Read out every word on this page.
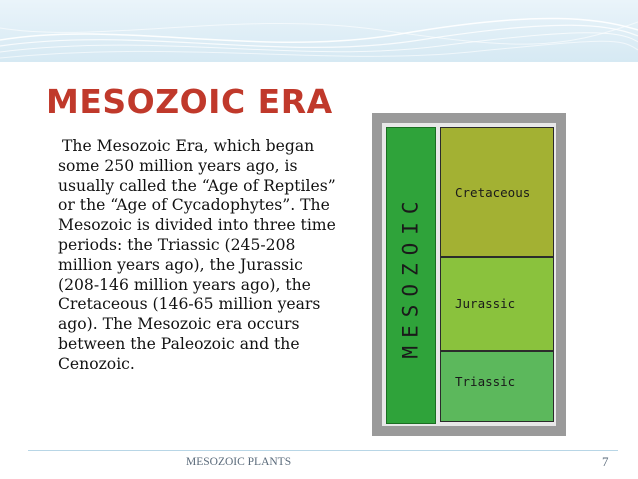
MESOZOIC ERA
The Mesozoic Era, which began some 250 million years ago, is usually called the “Age of Reptiles” or the “Age of Cycadophytes”. The Mesozoic is divided into three time periods: the Triassic (245-208 million years ago), the Jurassic (208-146 million years ago), the Cretaceous (146-65 million years ago). The Mesozoic era occurs between the Paleozoic and the Cenozoic.
MESOZOIC
Cretaceous
Jurassic
Triassic
MESOZOIC PLANTS	7
